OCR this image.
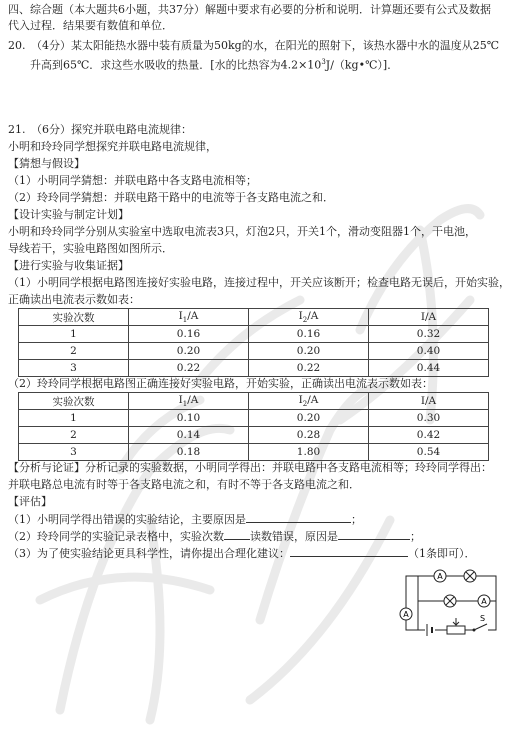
四、综合题（本大题共6小题，共37分）解题中要求有必要的分析和说明．计算题还要有公式及数据
代入过程．结果要有数值和单位．
20.　（4分）某太阳能热水器中装有质量为50kg的水，在阳光的照射下，该热水器中水的温度从25℃
升高到65℃．求这些水吸收的热量．[水的比热容为$4.2\times 10^3J/(kg•℃)$]．
21.　（6分）探究并联电路电流规律：
小明和玲玲同学想探究并联电路电流规律，
【猜想与假设】
（1）小明同学猜想：并联电路中各支路电流相等；
（2）玲玲同学猜想：并联电路干路中的电流等于各支路电流之和．
【设计实验与制定计划】
小明和玲玲同学分别从实验室中选取电流表3只，灯泡2只，开关1个，滑动变阻器1个，干电池，
导线若干，实验电路图如图所示．
【进行实验与收集证据】
（1）小明同学根据电路图连接好实验电路，连接过程中，开关应该断开；检查电路无误后，开始实验，
正确读出电流表示数如表：
实验次数	$I_1/A$	$I_2/A$	I/A
1	0.16	0.16	0.32
2	0.20	0.20	0.40
3	0.22	0.22	0.44
（2）玲玲同学根据电路图正确连接好实验电路，开始实验，正确读出电流表示数如表：
实验次数	$I_1/A$	$I_2/A$	I/A
1	0.10	0.20	0.30
2	0.14	0.28	0.42
3	0.18	1.80	0.54
【分析与论证】分析记录的实验数据，小明同学得出：并联电路中各支路电流相等；玲玲同学得出：
并联电路总电流有时等于各支路电流之和，有时不等于各支路电流之和．
【评估】
（1）小明同学得出错误的实验结论，主要原因是	；
（2）玲玲同学的实验记录表格中，实验次数 读数错误，原因是	；
（3）为了使实验结论更具科学性，请你提出合理化建议：	（1条即可）．
A
A
A	S
